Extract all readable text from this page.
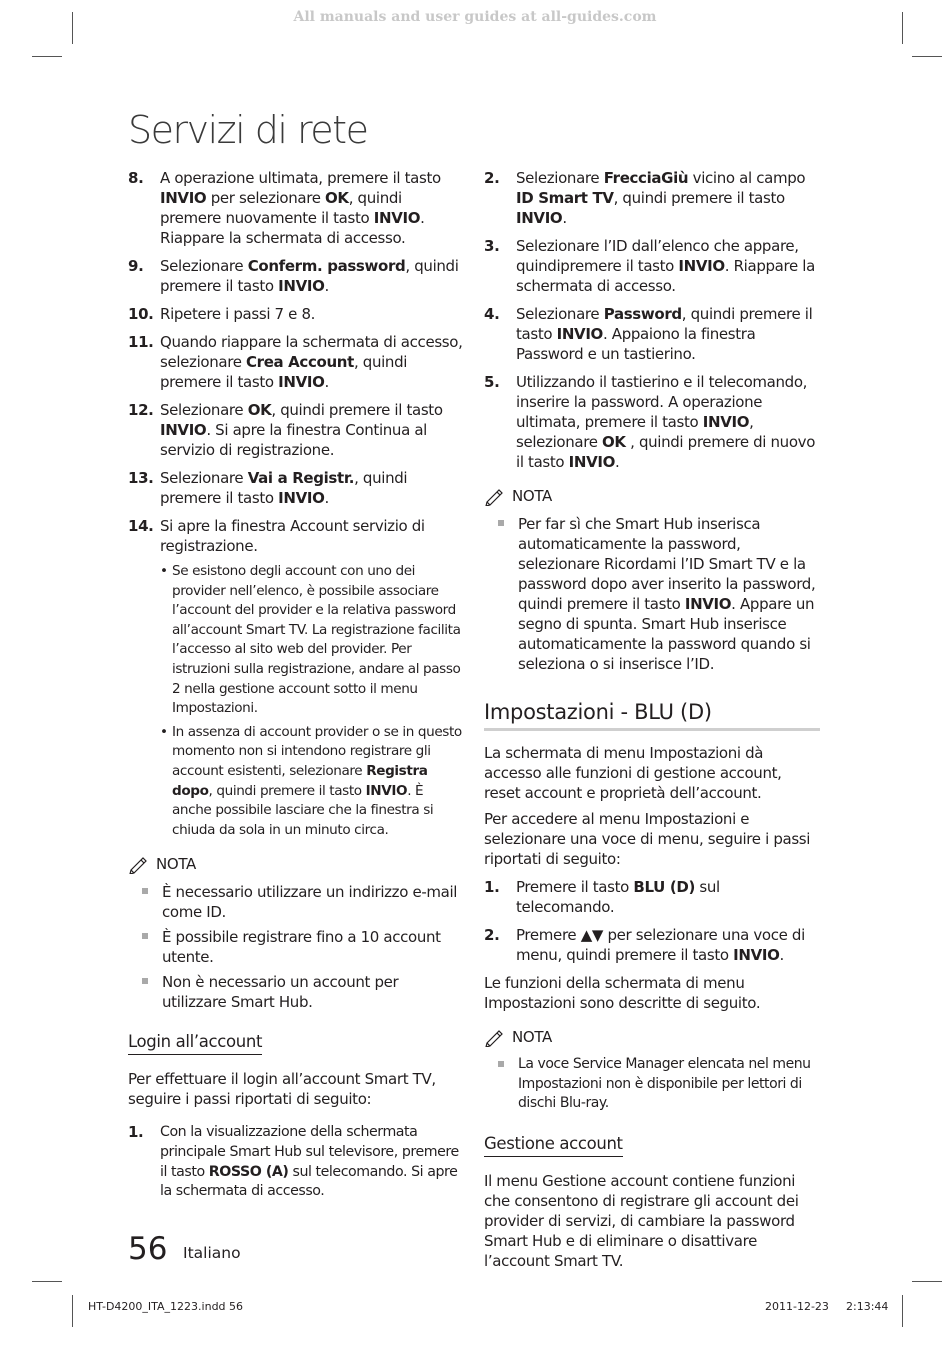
All manuals and user guides at all-guides.com
Servizi di rete
8. A operazione ultimata, premere il tasto INVIO per selezionare OK, quindi premere nuovamente il tasto INVIO. Riappare la schermata di accesso.
9. Selezionare Conferm. password, quindi premere il tasto INVIO.
10. Ripetere i passi 7 e 8.
11. Quando riappare la schermata di accesso, selezionare Crea Account, quindi premere il tasto INVIO.
12. Selezionare OK, quindi premere il tasto INVIO. Si apre la finestra Continua al servizio di registrazione.
13. Selezionare Vai a Registr., quindi premere il tasto INVIO.
14. Si apre la finestra Account servizio di registrazione.
• Se esistono degli account con uno dei provider nell’elenco, è possibile associare l’account del provider e la relativa password all’account Smart TV. La registrazione facilita l’accesso al sito web del provider. Per istruzioni sulla registrazione, andare al passo 2 nella gestione account sotto il menu Impostazioni.
• In assenza di account provider o se in questo momento non si intendono registrare gli account esistenti, selezionare Registra dopo, quindi premere il tasto INVIO. È anche possibile lasciare che la finestra si chiuda da sola in un minuto circa.
NOTA
È necessario utilizzare un indirizzo e-mail come ID.
È possibile registrare fino a 10 account utente.
Non è necessario un account per utilizzare Smart Hub.
Login all’account

Per effettuare il login all’account Smart TV, seguire i passi riportati di seguito:

1. Con la visualizzazione della schermata principale Smart Hub sul televisore, premere il tasto ROSSO (A) sul telecomando. Si apre la schermata di accesso.
2. Selezionare FrecciaGiù vicino al campo ID Smart TV, quindi premere il tasto INVIO.
3. Selezionare l’ID dall’elenco che appare, quindipremere il tasto INVIO. Riappare la schermata di accesso.
4. Selezionare Password, quindi premere il tasto INVIO. Appaiono la finestra Password e un tastierino.
5. Utilizzando il tastierino e il telecomando, inserire la password. A operazione ultimata, premere il tasto INVIO, selezionare OK , quindi premere di nuovo il tasto INVIO.
NOTA
Per far sì che Smart Hub inserisca automaticamente la password, selezionare Ricordami l’ID Smart TV e la password dopo aver inserito la password, quindi premere il tasto INVIO. Appare un segno di spunta. Smart Hub inserisce automaticamente la password quando si seleziona o si inserisce l’ID.
Impostazioni - BLU (D)

La schermata di menu Impostazioni dà accesso alle funzioni di gestione account, reset account e proprietà dell’account.

Per accedere al menu Impostazioni e selezionare una voce di menu, seguire i passi riportati di seguito:

1. Premere il tasto BLU (D) sul telecomando.
2. Premere ▲▼ per selezionare una voce di menu, quindi premere il tasto INVIO.

Le funzioni della schermata di menu Impostazioni sono descritte di seguito.

NOTA
La voce Service Manager elencata nel menu Impostazioni non è disponibile per lettori di dischi Blu-ray.
Gestione account

Il menu Gestione account contiene funzioni che consentono di registrare gli account dei provider di servizi, di cambiare la password Smart Hub e di eliminare o disattivare l’account Smart TV.

56 Italiano
HT-D4200_ITA_1223.indd 56	2011-12-23 2:13:44
